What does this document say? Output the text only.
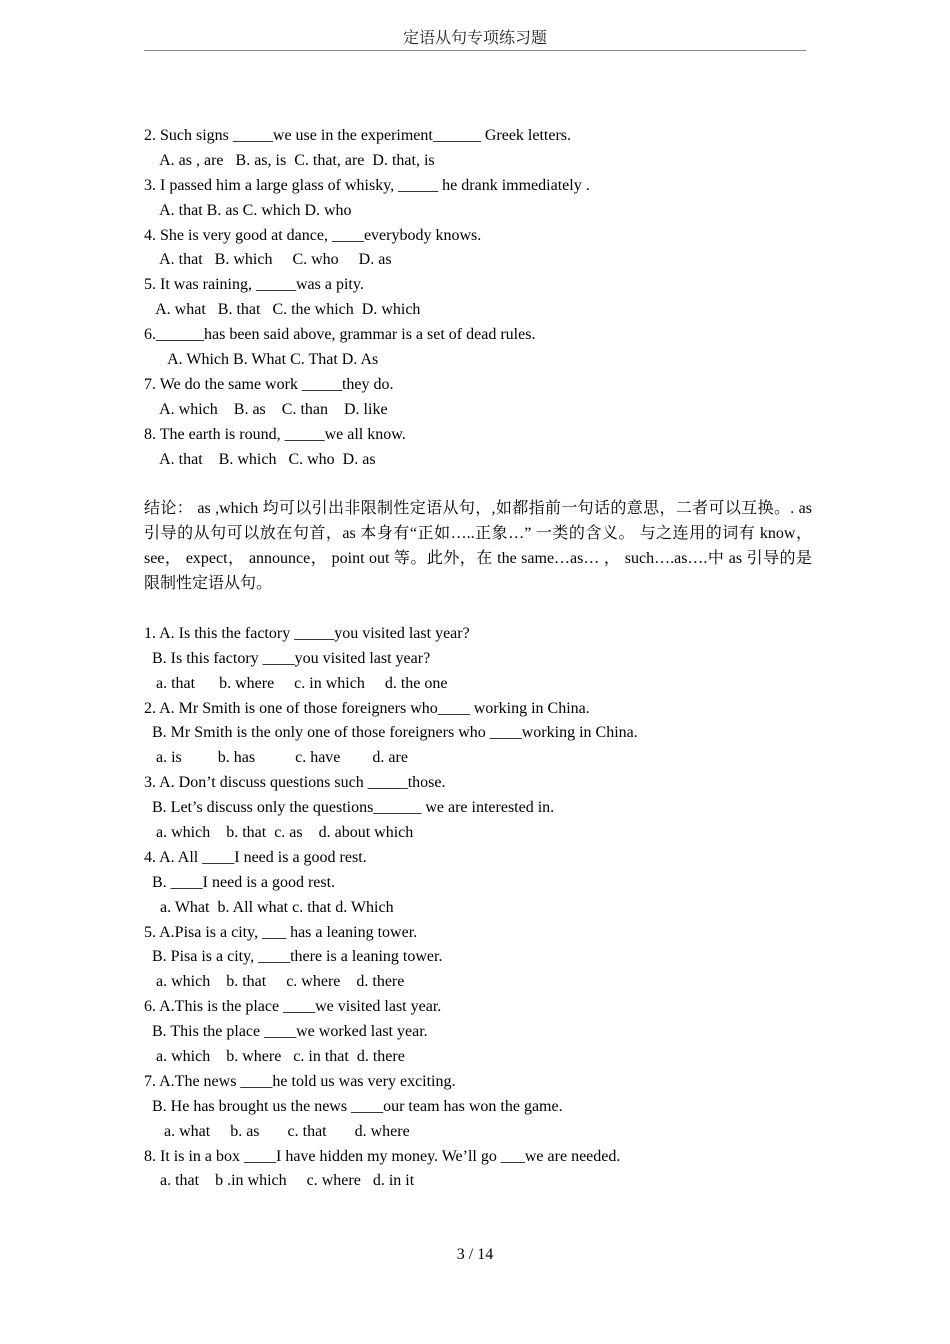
定语从句专项练习题

2. Such signs _____we use in the experiment______ Greek letters.

A. as , are   B. as, is  C. that, are  D. that, is

3. I passed him a large glass of whisky, _____ he drank immediately .

A. that B. as C. which D. who

4. She is very good at dance, ____everybody knows.

A. that   B. which     C. who     D. as

5. It was raining, _____was a pity.

A. what   B. that   C. the which  D. which

6.______has been said above, grammar is a set of dead rules.

A. Which B. What C. That D. As

7. We do the same work _____they do.

A. which    B. as    C. than    D. like

8. The earth is round, _____we all know.

A. that    B. which   C. who  D. as

结论： as ,which 均可以引出非限制性定语从句，,如都指前一句话的意思，二者可以互换。. as 引导的从句可以放在句首，as 本身有“正如…..正象…” 一类的含义。 与之连用的词有 know， see， expect， announce， point out 等。此外，在 the same…as… ， such….as….中 as 引导的是限制性定语从句。

1. A. Is this the factory _____you visited last year?

B. Is this factory ____you visited last year?

a. that      b. where     c. in which     d. the one

2. A. Mr Smith is one of those foreigners who____ working in China.

B. Mr Smith is the only one of those foreigners who ____working in China.

a. is         b. has          c. have        d. are

3. A. Don’t discuss questions such _____those.

B. Let’s discuss only the questions______ we are interested in.

a. which    b. that  c. as    d. about which

4. A. All ____I need is a good rest.

B. ____I need is a good rest.

a. What  b. All what c. that d. Which

5. A.Pisa is a city, ___ has a leaning tower.

B. Pisa is a city, ____there is a leaning tower.

a. which    b. that     c. where    d. there

6. A.This is the place ____we visited last year.

B. This the place ____we worked last year.

a. which    b. where   c. in that  d. there

7. A.The news ____he told us was very exciting.

B. He has brought us the news ____our team has won the game.

a. what     b. as       c. that       d. where

8. It is in a box ____I have hidden my money. We’ll go ___we are needed.

a. that    b .in which     c. where   d. in it

3 / 14
